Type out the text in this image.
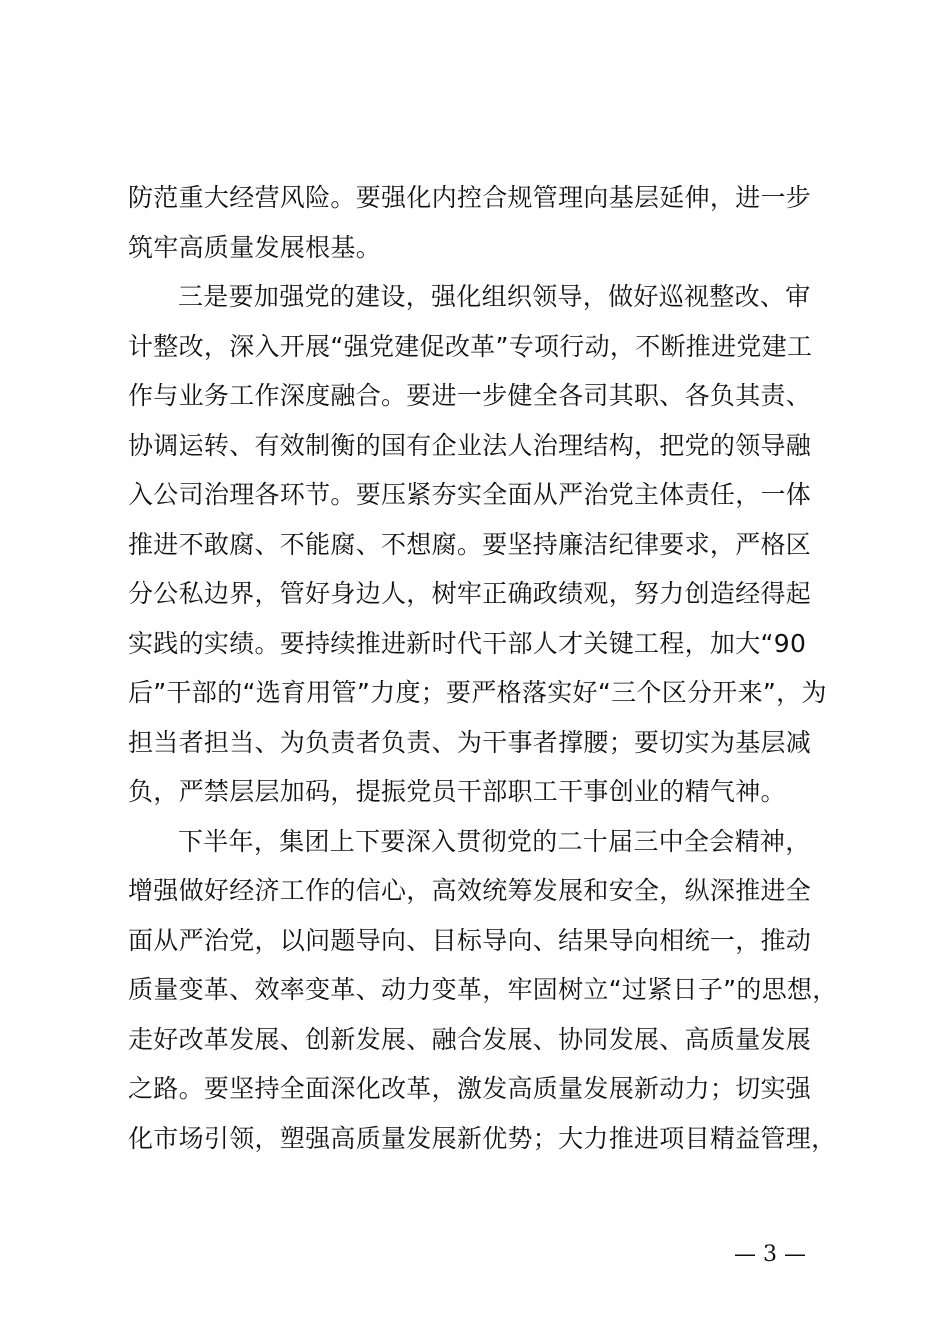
防范重大经营风险。要强化内控合规管理向基层延伸，进一步

筑牢高质量发展根基。

三是要加强党的建设，强化组织领导，做好巡视整改、审

计整改，深入开展“强党建促改革”专项行动，不断推进党建工

作与业务工作深度融合。要进一步健全各司其职、各负其责、

协调运转、有效制衡的国有企业法人治理结构，把党的领导融

入公司治理各环节。要压紧夯实全面从严治党主体责任，一体

推进不敢腐、不能腐、不想腐。要坚持廉洁纪律要求，严格区

分公私边界，管好身边人，树牢正确政绩观，努力创造经得起

实践的实绩。要持续推进新时代干部人才关键工程，加大“90

后”干部的“选育用管”力度；要严格落实好“三个区分开来”，为

担当者担当、为负责者负责、为干事者撑腰；要切实为基层减

负，严禁层层加码，提振党员干部职工干事创业的精气神。

下半年，集团上下要深入贯彻党的二十届三中全会精神，

增强做好经济工作的信心，高效统筹发展和安全，纵深推进全

面从严治党，以问题导向、目标导向、结果导向相统一，推动

质量变革、效率变革、动力变革，牢固树立“过紧日子”的思想，

走好改革发展、创新发展、融合发展、协同发展、高质量发展

之路。要坚持全面深化改革，激发高质量发展新动力；切实强

化市场引领，塑强高质量发展新优势；大力推进项目精益管理，

— 3 —
